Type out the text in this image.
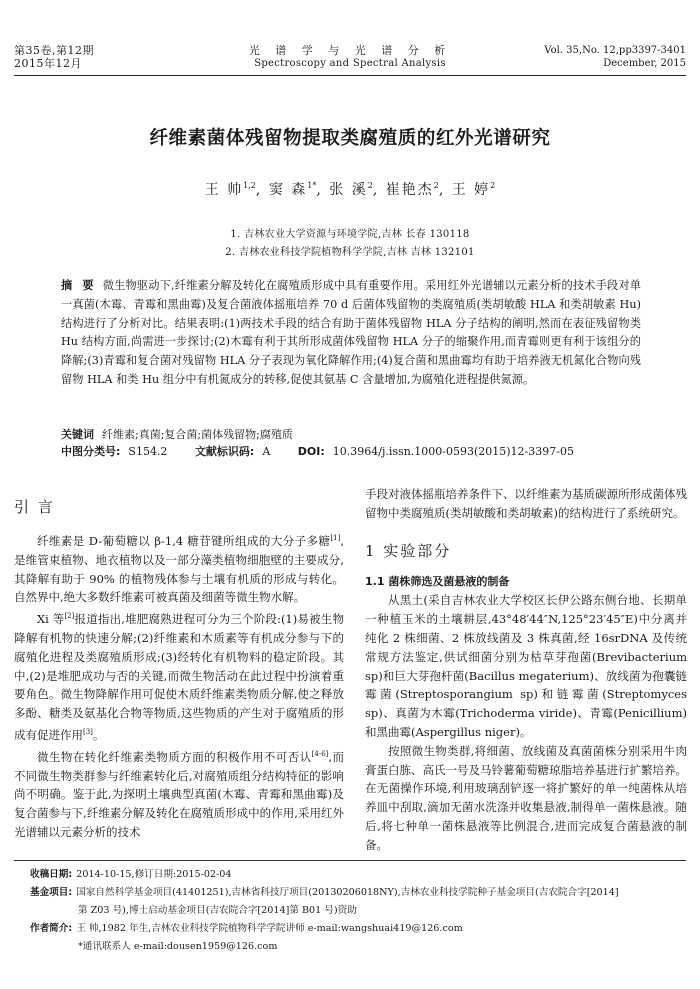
第35卷,第12期
2015年12月
光 谱 学 与 光 谱 分 析
Spectroscopy and Spectral Analysis
Vol. 35,No. 12,pp3397-3401
December, 2015
纤维素菌体残留物提取类腐殖质的红外光谱研究
王 帅$^{1,2}$, 窦 森$^{1*}$, 张 溪$^2$, 崔艳杰$^2$, 王 婷$^2$
1. 吉林农业大学资源与环境学院,吉林 长春 130118
2. 吉林农业科技学院植物科学学院,吉林 吉林 132101
摘 要 微生物驱动下,纤维素分解及转化在腐殖质形成中具有重要作用。采用红外光谱辅以元素分析的技术手段对单一真菌(木霉、青霉和黑曲霉)及复合菌液体摇瓶培养 70 d 后菌体残留物的类腐殖质(类胡敏酸 HLA 和类胡敏素 Hu)结构进行了分析对比。结果表明:(1)两技术手段的结合有助于菌体残留物 HLA 分子结构的阐明,然而在表征残留物类 Hu 结构方面,尚需进一步探讨;(2)木霉有利于其所形成菌体残留物 HLA 分子的缩聚作用,而青霉则更有利于该组分的降解;(3)青霉和复合菌对残留物 HLA 分子表现为氧化降解作用;(4)复合菌和黑曲霉均有助于培养液无机氮化合物向残留物 HLA 和类 Hu 组分中有机氮成分的转移,促使其氨基 C 含量增加,为腐殖化进程提供氮源。
关键词 纤维素;真菌;复合菌;菌体残留物;腐殖质
中图分类号: S154.2	文献标识码: A	DOI: 10.3964/j.issn.1000-0593(2015)12-3397-05
引 言

纤维素是 D-葡萄糖以 β-1,4 糖苷键所组成的大分子多糖[1],是维管束植物、地衣植物以及一部分藻类植物细胞壁的主要成分,其降解有助于 90% 的植物残体参与土壤有机质的形成与转化。自然界中,绝大多数纤维素可被真菌及细菌等微生物水解。

Xi 等[2]报道指出,堆肥腐熟进程可分为三个阶段:(1)易被生物降解有机物的快速分解;(2)纤维素和木质素等有机成分参与下的腐殖化进程及类腐殖质形成;(3)经转化有机物料的稳定阶段。其中,(2)是堆肥成功与否的关键,而微生物活动在此过程中扮演着重要角色。微生物降解作用可促使木质纤维素类物质分解,使之释放多酚、糖类及氨基化合物等物质,这些物质的产生对于腐殖质的形成有促进作用[3]。

微生物在转化纤维素类物质方面的积极作用不可否认[4-6],而不同微生物类群参与纤维素转化后,对腐殖质组分结构特征的影响尚不明确。鉴于此,为探明土壤典型真菌(木霉、青霉和黑曲霉)及复合菌参与下,纤维素分解及转化在腐殖质形成中的作用,采用红外光谱辅以元素分析的技术

手段对液体摇瓶培养条件下、以纤维素为基质碳源所形成菌体残留物中类腐殖质(类胡敏酸和类胡敏素)的结构进行了系统研究。

1 实验部分
1.1 菌株筛选及菌悬液的制备

从黑土(采自吉林农业大学校区长伊公路东侧台地、长期单一种植玉米的土壤耕层,43°48′44″N,125°23′45″E)中分离并纯化 2 株细菌、2 株放线菌及 3 株真菌,经 16srDNA 及传统常规方法鉴定,供试细菌分别为枯草芽孢菌(Brevibacterium sp)和巨大芽孢杆菌(Bacillus megaterium)、放线菌为孢囊链霉菌(Streptosporangium sp)和链霉菌(Streptomyces sp)、真菌为木霉(Trichoderma viride)、青霉(Penicillium)和黑曲霉(Aspergillus niger)。

按照微生物类群,将细菌、放线菌及真菌菌株分别采用牛肉膏蛋白胨、高氏一号及马铃薯葡萄糖琼脂培养基进行扩繁培养。在无菌操作环境,利用玻璃刮铲逐一将扩繁好的单一纯菌株从培养皿中刮取,滴加无菌水洗涤并收集悬液,制得单一菌株悬液。随后,将七种单一菌株悬液等比例混合,进而完成复合菌悬液的制备。

收稿日期: 2014-10-15,修订日期:2015-02-04
基金项目: 国家自然科学基金项目(41401251),吉林省科技厅项目(20130206018NY),吉林农业科技学院种子基金项目(吉农院合字[2014]
第 Z03 号),博士启动基金项目(吉农院合字[2014]第 B01 号)资助
作者简介: 王 帅,1982 年生,吉林农业科技学院植物科学学院讲师 e-mail:wangshuai419@126.com
*通讯联系人 e-mail:dousen1959@126.com
